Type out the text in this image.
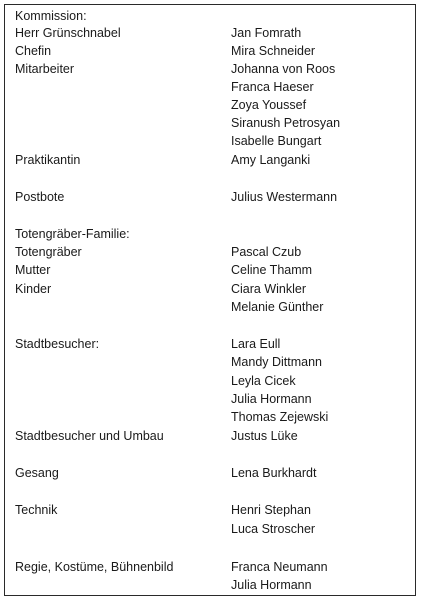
Kommission:
Herr Grünschnabel	Jan Fomrath
Chefin	Mira Schneider
Mitarbeiter	Johanna von Roos
Franca Haeser
Zoya Youssef
Siranush Petrosyan
Isabelle Bungart
Praktikantin	Amy Langanki
Postbote	Julius Westermann
Totengräber-Familie:
Totengräber	Pascal Czub
Mutter	Celine Thamm
Kinder	Ciara Winkler
Melanie Günther
Stadtbesucher:	Lara Eull
Mandy Dittmann
Leyla Cicek
Julia Hormann
Thomas Zejewski
Stadtbesucher und Umbau	Justus Lüke
Gesang	Lena Burkhardt
Technik	Henri Stephan
Luca Stroscher
Regie, Kostüme, Bühnenbild	Franca Neumann
Julia Hormann
